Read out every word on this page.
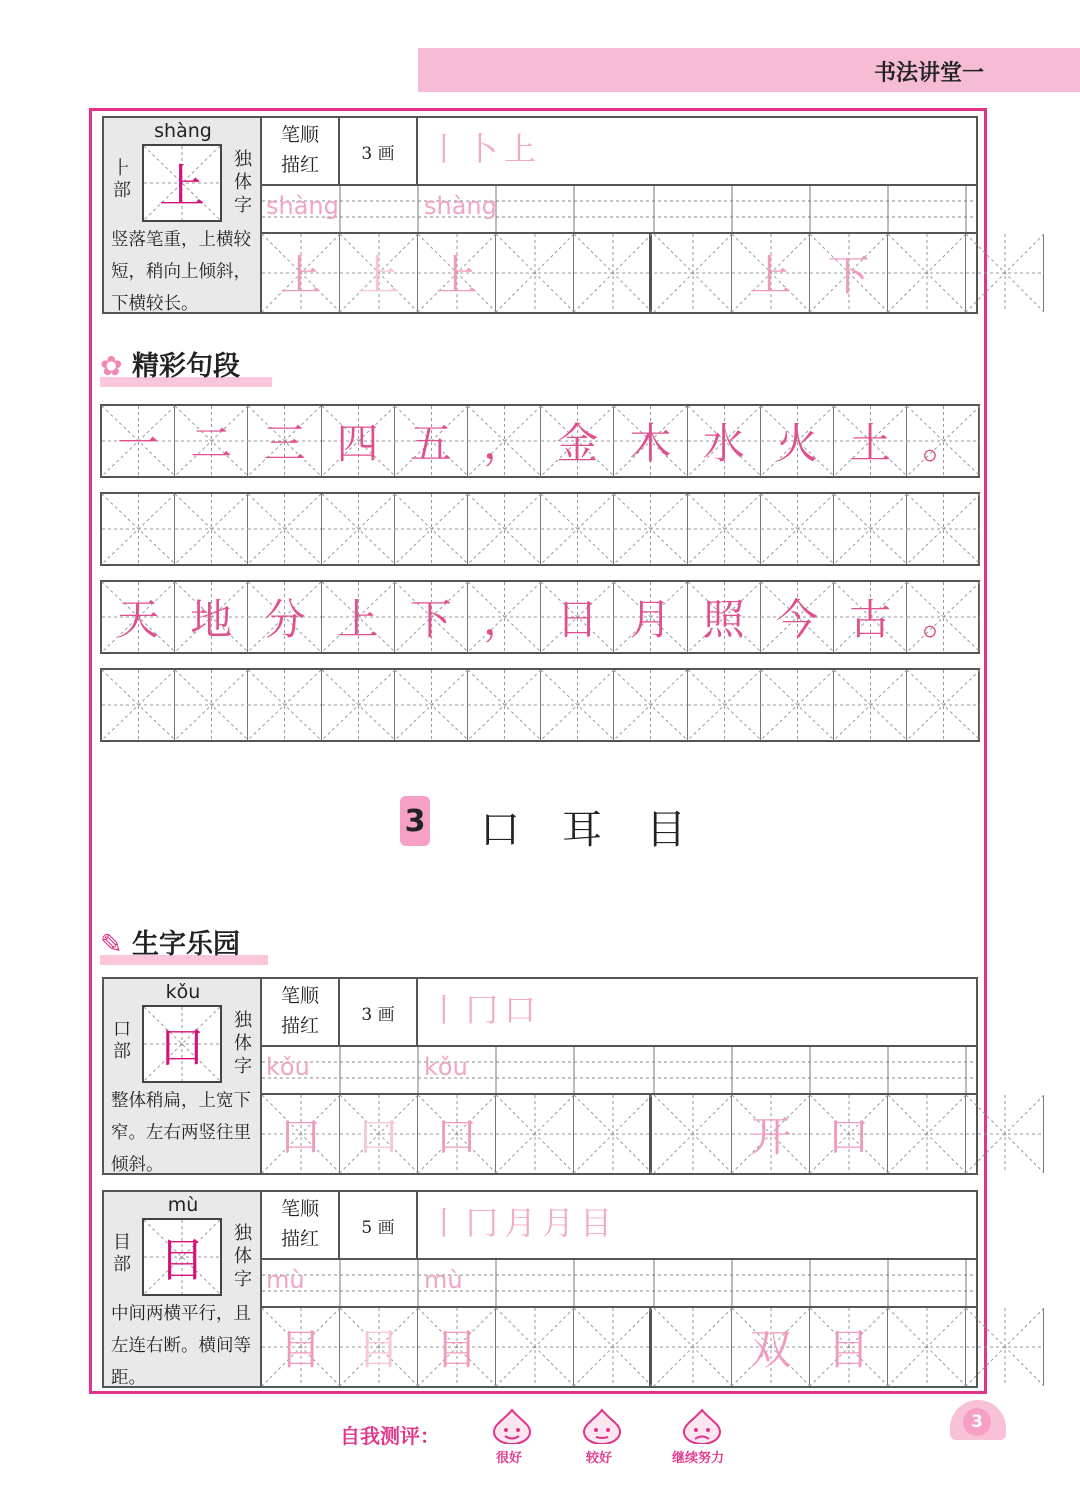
书法讲堂一
shàng
上
⺊部
独体字
竖落笔重，上横较短，稍向上倾斜，下横较长。
笔顺
描红
3 画	丨卜上
shàng	shàng
上 上 上	上 下
kǒu
口
口部
独体字
整体稍扁，上宽下窄。左右两竖往里倾斜。
笔顺
描红
3 画	丨冂口
kǒu	kǒu
口 口 口	开 口
mù
目
目部
独体字
中间两横平行，且左连右断。横间等距。
笔顺
描红
5 画	丨冂月月目
mù	mù
目 目 目	双 目
✿ 精彩句段
一 二 三 四 五 ， 金 木 水 火 土 。
天 地 分 上 下 ， 日 月 照 今 古 。
3 口 耳 目
✎ 生字乐园
自我测评：
很好	较好	继续努力
3
